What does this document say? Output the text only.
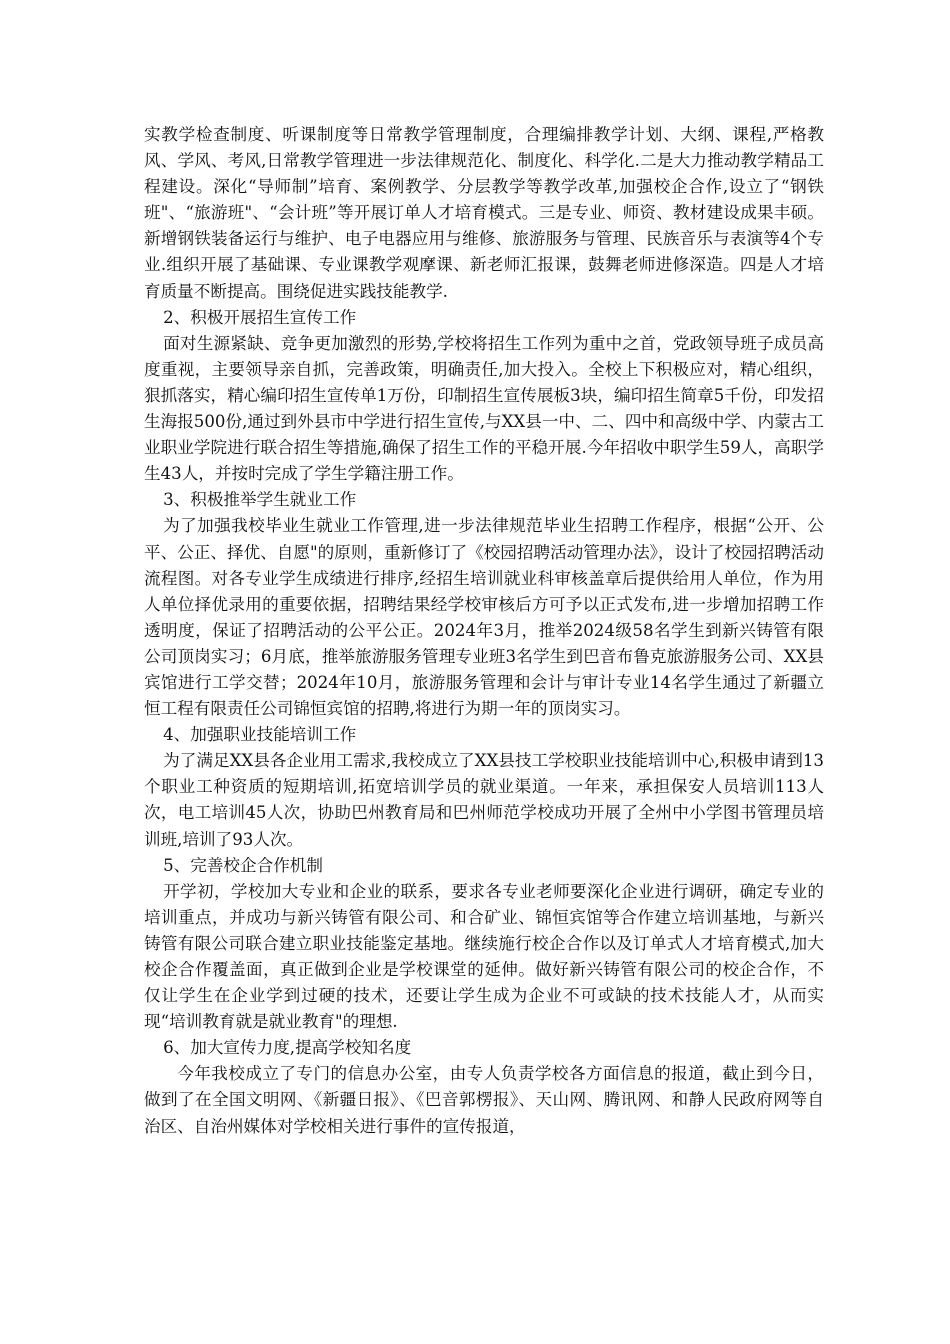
实教学检查制度、听课制度等日常教学管理制度，合理编排教学计划、大纲、课程,严格教风、学风、考风,日常教学管理进一步法律规范化、制度化、科学化.二是大力推动教学精品工程建设。深化“导师制”培育、案例教学、分层教学等教学改革,加强校企合作,设立了“钢铁班"、“旅游班"、“会计班”等开展订单人才培育模式。三是专业、师资、教材建设成果丰硕。新增钢铁装备运行与维护、电子电器应用与维修、旅游服务与管理、民族音乐与表演等4个专业.组织开展了基础课、专业课教学观摩课、新老师汇报课，鼓舞老师进修深造。四是人才培育质量不断提高。围绕促进实践技能教学.

2、积极开展招生宣传工作

面对生源紧缺、竞争更加激烈的形势,学校将招生工作列为重中之首，党政领导班子成员高度重视，主要领导亲自抓，完善政策，明确责任,加大投入。全校上下积极应对，精心组织，狠抓落实，精心编印招生宣传单1万份，印制招生宣传展板3块，编印招生简章5千份，印发招生海报500份,通过到外县市中学进行招生宣传,与XX县一中、二、四中和高级中学、内蒙古工业职业学院进行联合招生等措施,确保了招生工作的平稳开展.今年招收中职学生59人，高职学生43人，并按时完成了学生学籍注册工作。

3、积极推举学生就业工作

为了加强我校毕业生就业工作管理,进一步法律规范毕业生招聘工作程序，根据“公开、公平、公正、择优、自愿"的原则，重新修订了《校园招聘活动管理办法》，设计了校园招聘活动流程图。对各专业学生成绩进行排序,经招生培训就业科审核盖章后提供给用人单位，作为用人单位择优录用的重要依据，招聘结果经学校审核后方可予以正式发布,进一步增加招聘工作透明度，保证了招聘活动的公平公正。2024年3月，推举2024级58名学生到新兴铸管有限公司顶岗实习；6月底，推举旅游服务管理专业班3名学生到巴音布鲁克旅游服务公司、XX县宾馆进行工学交替；2024年10月，旅游服务管理和会计与审计专业14名学生通过了新疆立恒工程有限责任公司锦恒宾馆的招聘,将进行为期一年的顶岗实习。

4、加强职业技能培训工作

为了满足XX县各企业用工需求,我校成立了XX县技工学校职业技能培训中心,积极申请到13个职业工种资质的短期培训,拓宽培训学员的就业渠道。一年来，承担保安人员培训113人次，电工培训45人次，协助巴州教育局和巴州师范学校成功开展了全州中小学图书管理员培训班,培训了93人次。

5、完善校企合作机制

开学初，学校加大专业和企业的联系，要求各专业老师要深化企业进行调研，确定专业的培训重点，并成功与新兴铸管有限公司、和合矿业、锦恒宾馆等合作建立培训基地，与新兴铸管有限公司联合建立职业技能鉴定基地。继续施行校企合作以及订单式人才培育模式,加大校企合作覆盖面，真正做到企业是学校课堂的延伸。做好新兴铸管有限公司的校企合作，不仅让学生在企业学到过硬的技术，还要让学生成为企业不可或缺的技术技能人才，从而实现“培训教育就是就业教育"的理想.

6、加大宣传力度,提高学校知名度

今年我校成立了专门的信息办公室，由专人负责学校各方面信息的报道，截止到今日，做到了在全国文明网、《新疆日报》、《巴音郭楞报》、天山网、腾讯网、和静人民政府网等自治区、自治州媒体对学校相关进行事件的宣传报道，
